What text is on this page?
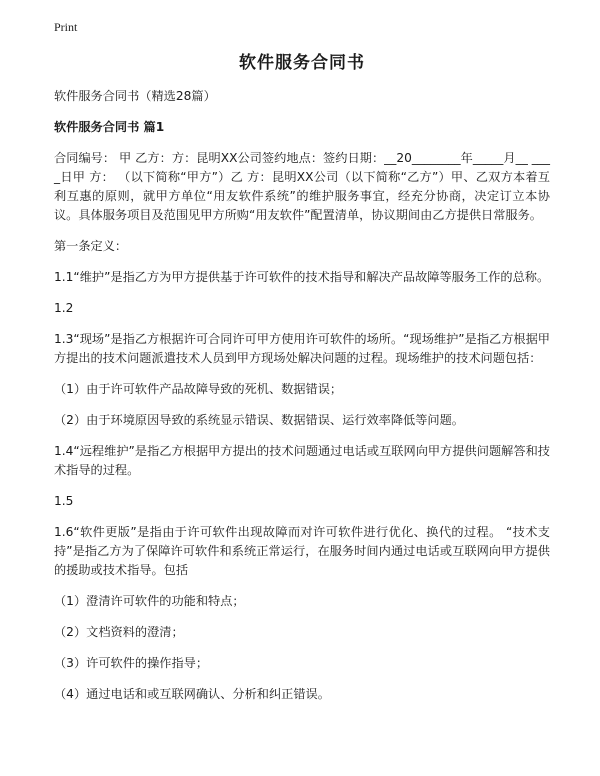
Print
软件服务合同书
软件服务合同书（精选28篇）
软件服务合同书 篇1
合同编号： 甲 乙方：方：昆明XX公司签约地点：签约日期：__20________年_____月__ ____日甲 方： （以下简称“甲方”）乙 方：昆明XX公司（以下简称“乙方”）甲、乙双方本着互利互惠的原则，就甲方单位“用友软件系统”的维护服务事宜，经充分协商，决定订立本协议。具体服务项目及范围见甲方所购“用友软件”配置清单，协议期间由乙方提供日常服务。
第一条定义：
1.1“维护”是指乙方为甲方提供基于许可软件的技术指导和解决产品故障等服务工作的总称。
1.2
1.3“现场”是指乙方根据许可合同许可甲方使用许可软件的场所。“现场维护”是指乙方根据甲方提出的技术问题派遣技术人员到甲方现场处解决问题的过程。现场维护的技术问题包括：
（1）由于许可软件产品故障导致的死机、数据错误；
（2）由于环境原因导致的系统显示错误、数据错误、运行效率降低等问题。
1.4“远程维护”是指乙方根据甲方提出的技术问题通过电话或互联网向甲方提供问题解答和技术指导的过程。
1.5
1.6“软件更版”是指由于许可软件出现故障而对许可软件进行优化、换代的过程。 “技术支持”是指乙方为了保障许可软件和系统正常运行，在服务时间内通过电话或互联网向甲方提供的援助或技术指导。包括
（1）澄清许可软件的功能和特点；
（2）文档资料的澄清；
（3）许可软件的操作指导；
（4）通过电话和或互联网确认、分析和纠正错误。
